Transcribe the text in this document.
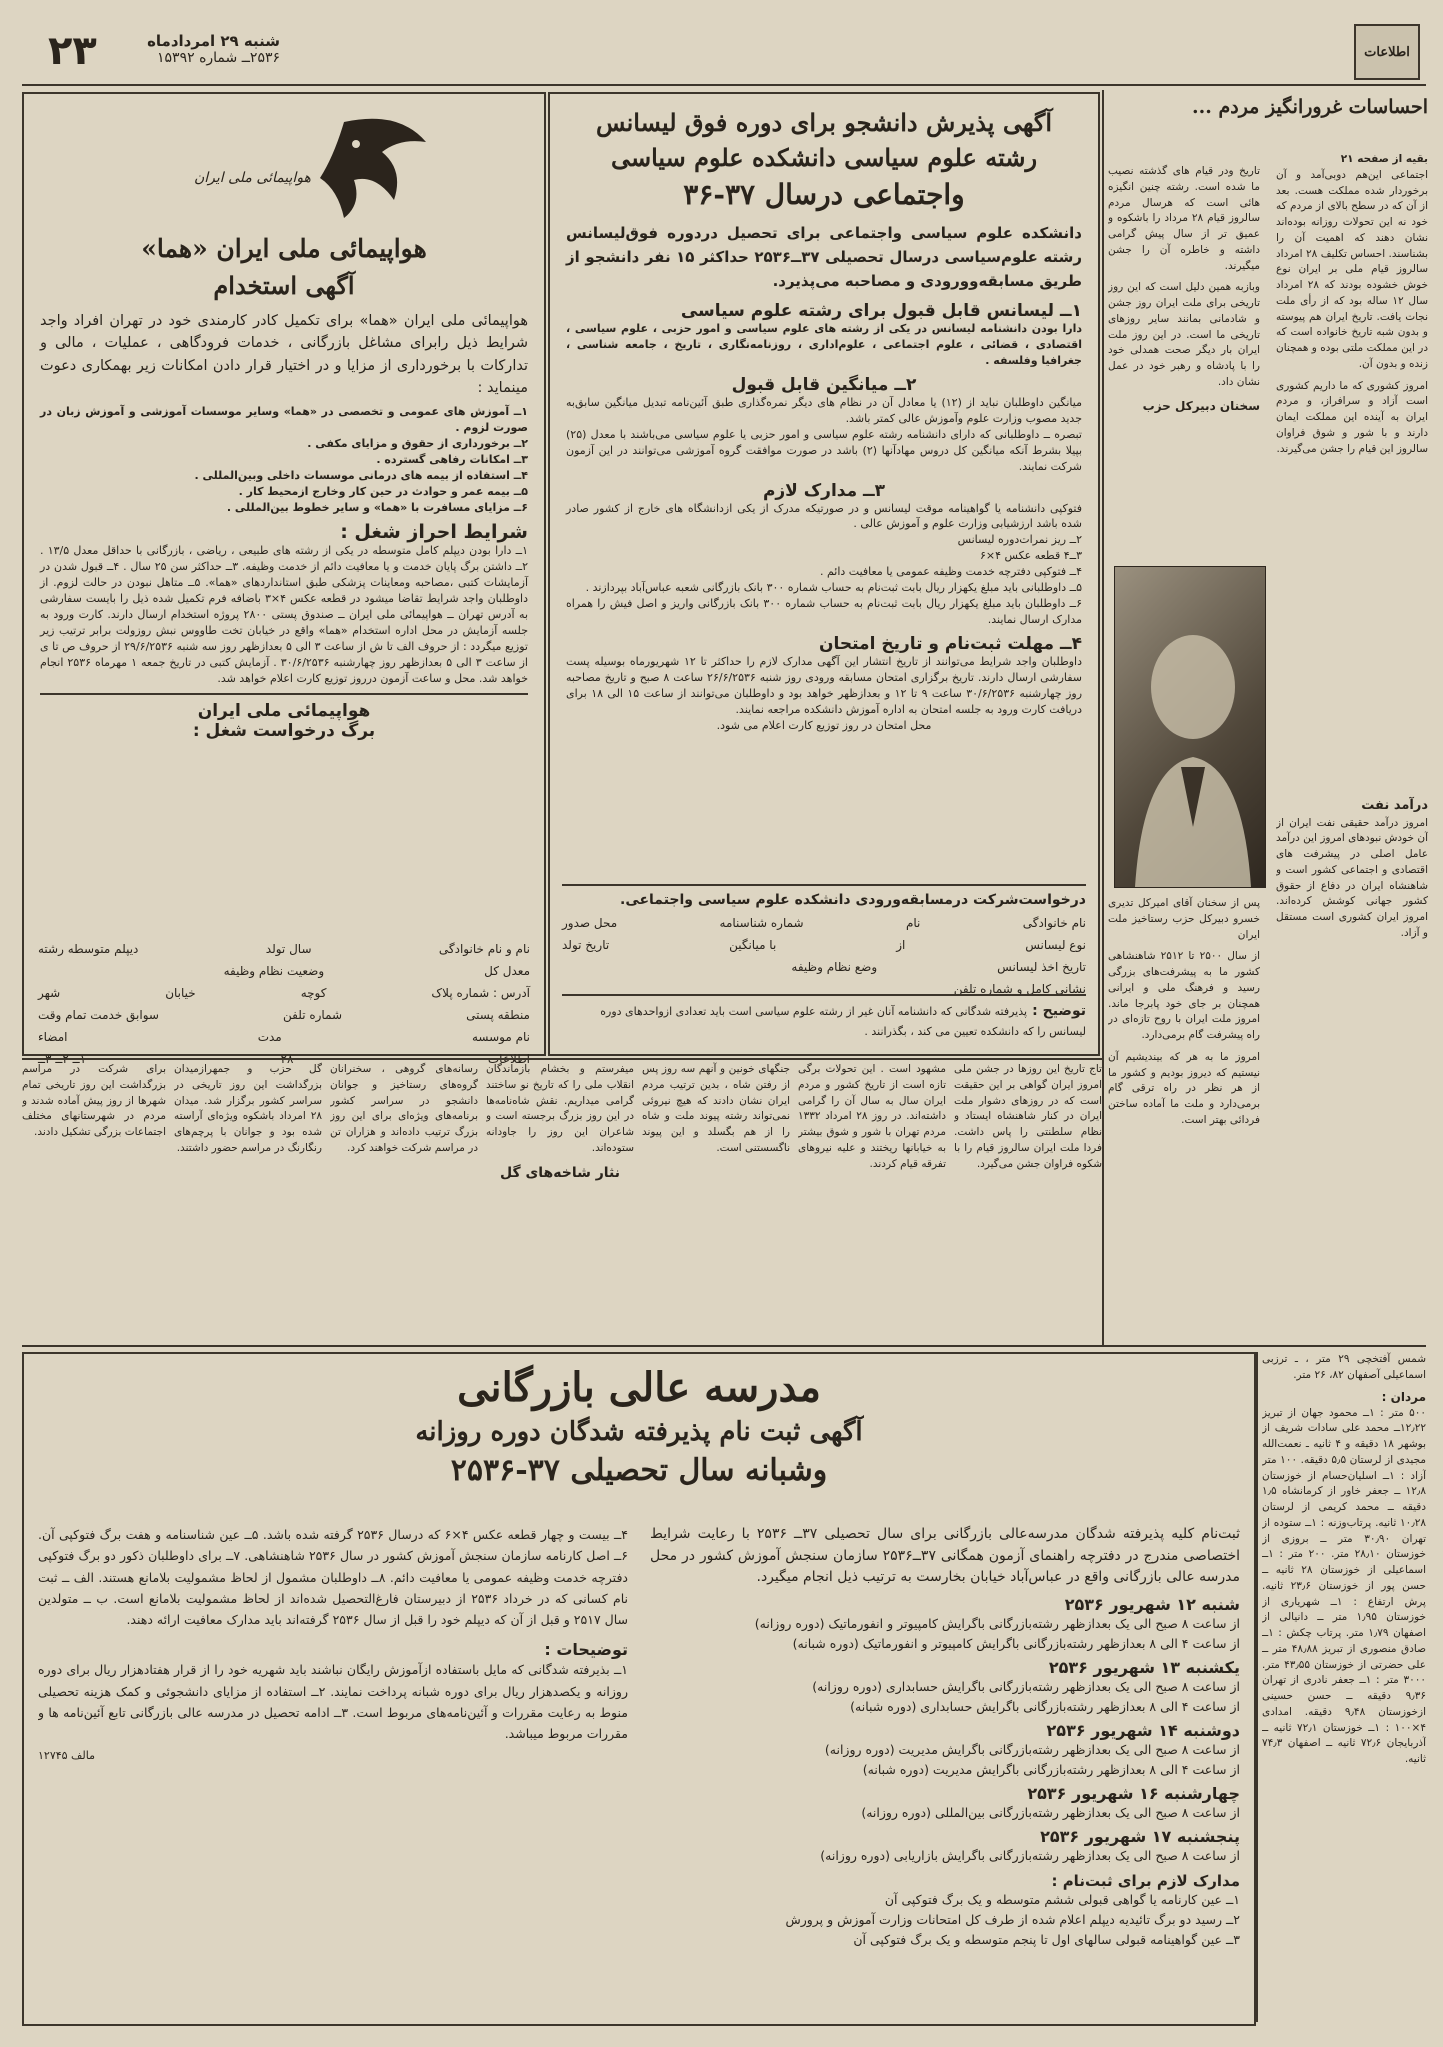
اطلاعات
۲۳	شنبه ۲۹ امردادماه
۲۵۳۶ــ شماره ۱۵۳۹۲
احساسات غرورانگیز مردم ...

بقیه از صفحه ۲۱

اجتماعی این‌هم دوبی‌آمد و آن برخوردار شده مملکت هست. بعد از آن که در سطح بالای از مردم که خود نه این تحولات روزانه بوده‌اند نشان دهند که اهمیت آن را بشناسند. احساس تکلیف ۲۸ امرداد سالروز قیام ملی بر ایران نوع خوش خشوده بودند که ۲۸ امرداد سال ۱۲ ساله بود که از رأی ملت نجات یافت. تاریخ ایران هم پیوسته و بدون شبه تاریخ خانواده است که در این مملکت ملتی بوده و همچنان زنده و بدون آن.

امروز کشوری که ما داریم کشوری است آزاد و سرافراز، و مردم ایران به آینده این مملکت ایمان دارند و با شور و شوق فراوان سالروز این قیام را جشن می‌گیرند.

تاریخ ودر قیام های گذشته نصیب ما شده است. رشته چنین انگیزه هائی است که هرسال مردم سالروز قیام ۲۸ مرداد را باشکوه و عمیق تر از سال پیش گرامی داشته و خاطره آن را جشن میگیرند.

وبازبه همین دلیل است که این روز تاریخی برای ملت ایران روز جشن و شادمانی بمانند سایر روزهای تاریخی ما است. در این روز ملت ایران بار دیگر صحت همدلی خود را با پادشاه و رهبر خود در عمل نشان داد.

سخنان دبیرکل حزب

پس از سخنان آقای امیرکل تدیری خسرو دبیرکل حزب رستاخیز ملت ایران

از سال ۲۵۰۰ تا ۲۵۱۲ شاهنشاهی کشور ما به پیشرفت‌های بزرگی رسید و فرهنگ ملی و ایرانی همچنان بر جای خود پابرجا ماند. امروز ملت ایران با روح تازه‌ای در راه پیشرفت گام برمی‌دارد.

امروز ما به هر که بیندیشیم آن نیستیم که دیروز بودیم و کشور ما از هر نظر در راه ترقی گام برمی‌دارد و ملت ما آماده ساختن فردائی بهتر است.

درآمد نفت

امروز درآمد حقیقی نفت ایران از آن خودش نبودهای امروز این درآمد عامل اصلی در پیشرفت های اقتصادی و اجتماعی کشور است و شاهنشاه ایران در دفاع از حقوق کشور جهانی کوشش کرده‌اند. امروز ایران کشوری است مستقل و آزاد.

آگهی پذیرش دانشجو برای دوره فوق لیسانس
رشته علوم سیاسی دانشکده علوم سیاسی
واجتماعی درسال ۳۷-۳۶

دانشکده علوم سیاسی واجتماعی برای تحصیل دردوره فوق‌لیسانس رشته علوم‌سیاسی درسال تحصیلی ۳۷ــ۲۵۳۶ حداکثر ۱۵ نفر دانشجو از طریق مسابقه‌وورودی و مصاحبه می‌پذیرد.

۱ــ لیسانس قابل قبول برای رشته علوم سیاسی

دارا بودن دانشنامه لیسانس در یکی از رشته های علوم سیاسی و امور حزبی ، علوم سیاسی ، اقتصادی ، قضائی ، علوم اجتماعی ، علوم‌اداری ، روزنامه‌نگاری ، تاریخ ، جامعه شناسی ، جغرافیا وفلسفه .

۲ــ میانگین قابل قبول

میانگین داوطلبان نباید از (۱۲) یا معادل آن در نظام های دیگر نمره‌گذاری طبق آئین‌نامه تبدیل میانگین سابق‌به جدید مصوب وزارت علوم وآموزش عالی کمتر باشد.

تبصره ــ داوطلبانی که دارای دانشنامه رشته علوم سیاسی و امور حزبی یا علوم سیاسی می‌باشند با معدل (۲۵) بپیلا بشرط آنکه میانگین کل دروس مهادآنها (۲) باشد در صورت موافقت گروه آموزشی می‌توانند در این آزمون شرکت نمایند.

۳ــ مدارک لازم

فتوکپی دانشنامه یا گواهینامه موقت لیسانس و در صورتیکه مدرک از یکی ازدانشگاه های خارج از کشور صادر شده باشد ارزشیابی وزارت علوم و آموزش عالی .

۲ــ ریز نمرات‌دوره لیسانس

۳ــ۴ قطعه عکس ۴×۶

۴ــ فتوکپی دفترچه خدمت وظیفه عمومی یا معافیت دائم .

۵ــ داوطلبانی باید مبلغ یکهزار ریال بابت ثبت‌نام به حساب شماره ۳۰۰ بانک بازرگانی شعبه عباس‌آباد بپردازند .

۶ــ داوطلبان باید مبلغ یکهزار ریال بابت ثبت‌نام به حساب شماره ۳۰۰ بانک بازرگانی واریز و اصل فیش را همراه مدارک ارسال نمایند.

۴ــ مهلت ثبت‌نام و تاریخ امتحان

داوطلبان واجد شرایط می‌توانند از تاریخ انتشار این آگهی مدارک لازم را حداکثر تا ۱۲ شهریورماه بوسیله پست سفارشی ارسال دارند. تاریخ برگزاری امتحان مسابقه ورودی روز شنبه ۲۶/۶/۲۵۳۶ ساعت ۸ صبح و تاریخ مصاحبه روز چهارشنبه ۳۰/۶/۲۵۳۶ ساعت ۹ تا ۱۲ و بعدازظهر خواهد بود و داوطلبان می‌توانند از ساعت ۱۵ الی ۱۸ برای دریافت کارت ورود به جلسه امتحان به اداره آموزش دانشکده مراجعه نمایند.

محل امتحان در روز توزیع کارت اعلام می شود.

درخواست‌شرکت درمسابقه‌ورودی دانشکده علوم سیاسی واجتماعی.

نام خانوادگی
نام
شماره شناسنامه
محل صدور
نوع لیسانس
از
با میانگین
تاریخ تولد
تاریخ اخذ لیسانس
وضع نظام وظیفه
نشانی کامل و شماره تلفن
توضیح : پذیرفته شدگانی که دانشنامه آنان غیر از رشته علوم سیاسی است باید تعدادی ازواحدهای دوره لیسانس را که دانشکده تعیین می کند ، بگذرانند .
هواپیمائی ملی ایران
هواپیمائی ملی ایران «هما»
آگهی استخدام

هواپیمائی ملی ایران «هما» برای تکمیل کادر کارمندی خود در تهران افراد واجد شرایط ذیل رابرای مشاغل بازرگانی ، خدمات فرودگاهی ، عملیات ، مالی و تدارکات با برخورداری از مزایا و در اختیار قرار دادن امکانات زیر بهمکاری دعوت مینماید :

۱ــ آموزش های عمومی و تخصصی در «هما» وسایر موسسات آموزشی و آموزش زبان در صورت لزوم .

۲ــ برخورداری از حقوق و مزایای مکفی .

۳ــ امکانات رفاهی گسترده .

۴ــ استفاده از بیمه های درمانی موسسات داخلی وبین‌المللی .

۵ــ بیمه عمر و حوادث در حین کار وخارج ازمحیط کار .

۶ــ مزایای مسافرت با «هما» و سایر خطوط بین‌المللی .

شرایط احراز شغل :

۱ــ دارا بودن دیپلم کامل متوسطه در یکی از رشته های طبیعی ، ریاضی ، بازرگانی با حداقل معدل ۱۳/۵ . ۲ــ داشتن برگ پایان خدمت و یا معافیت دائم از خدمت وظیفه. ۳ــ حداکثر سن ۲۵ سال . ۴ــ قبول شدن در آزمایشات کتبی ،مصاحبه ومعاینات پزشکی طبق استانداردهای «هما». ۵ــ متاهل نبودن در حالت لزوم. از داوطلبان واجد شرایط تقاضا میشود در قطعه عکس ۴×۳ باضافه فرم تکمیل شده ذیل را بایست سفارشی به آدرس تهران ــ هواپیمائی ملی ایران ــ صندوق پستی ۲۸۰۰ پروژه استخدام ارسال دارند. کارت ورود به جلسه آزمایش در محل اداره استخدام «هما» واقع در خیابان تخت طاووس نبش روزولت برابر ترتیب زیر توزیع میگردد : از حروف الف تا ش از ساعت ۳ الی ۵ بعدازظهر روز سه شنبه ۲۹/۶/۲۵۳۶ از حروف ص تا ی از ساعت ۳ الی ۵ بعدازظهر روز چهارشنبه ۳۰/۶/۲۵۳۶ . آزمایش کتبی در تاریخ جمعه ۱ مهرماه ۲۵۳۶ انجام خواهد شد. محل و ساعت آزمون درروز توزیع کارت اعلام خواهد شد.

هواپیمائی ملی ایران

برگ درخواست شغل :

نام و نام خانوادگی
سال تولد
دیپلم متوسطه رشته
معدل کل
وضعیت نظام وظیفه
آدرس : شماره پلاک
کوچه
خیابان
شهر
منطقه پستی
شماره تلفن
سوابق خدمت تمام وقت
نام موسسه
مدت
امضاء
تاج تاریخ این روزها در جشن ملی امروز ایران گواهی بر این حقیقت است که در روزهای دشوار ملت ایران در کنار شاهنشاه ایستاد و نظام سلطنتی را پاس داشت. فردا ملت ایران سالروز قیام را با شکوه فراوان جشن می‌گیرد.
مشهود است . این تحولات برگی تازه است از تاریخ کشور و مردم ایران سال به سال آن را گرامی داشته‌اند. در روز ۲۸ امرداد ۱۳۳۲ مردم تهران با شور و شوق بیشتر به خیابانها ریختند و علیه نیروهای تفرقه قیام کردند.
جنگهای خونین و آنهم سه روز پس از رفتن شاه ، بدین ترتیب مردم ایران نشان دادند که هیچ نیروئی نمی‌تواند رشته پیوند ملت و شاه را از هم بگسلد و این پیوند ناگسستنی است.
میفرستم و بخشام بازماندگان انقلاب ملی را که تاریخ نو ساختند گرامی میداریم. نقش شاه‌نامه‌ها در این روز بزرگ برجسته است و شاعران این روز را جاودانه ستوده‌اند.
نثار شاخه‌های گل
رسانه‌های گروهی ، سخنرانان گروه‌های رستاخیز و جوانان دانشجو در سراسر کشور برنامه‌های ویژه‌ای برای این روز بزرگ ترتیب داده‌اند و هزاران تن در مراسم شرکت خواهند کرد.
گل حزب و جمهرازمیدان بزرگداشت این روز تاریخی در سراسر کشور برگزار شد. میدان ۲۸ امرداد باشکوه ویژه‌ای آراسته شده بود و جوانان با پرچم‌های رنگارنگ در مراسم حضور داشتند.
برای شرکت در مراسم بزرگداشت این روز تاریخی تمام شهرها از روز پیش آماده شدند و مردم در شهرستانهای مختلف اجتماعات بزرگی تشکیل دادند.
مدرسه عالی بازرگانی
آگهی ثبت نام پذیرفته شدگان دوره روزانه
وشبانه سال تحصیلی ۳۷-۲۵۳۶

ثبت‌نام کلیه پذیرفته شدگان مدرسه‌عالی بازرگانی برای سال تحصیلی ۳۷ــ ۲۵۳۶ با رعایت شرایط اختصاصی مندرج در دفترچه راهنمای آزمون همگانی ۳۷ــ۲۵۳۶ سازمان سنجش آموزش کشور در محل مدرسه عالی بازرگانی واقع در عباس‌آباد خیابان بخارست به ترتیب ذیل انجام میگیرد.

شنبه ۱۲ شهریور ۲۵۳۶

از ساعت ۸ صبح الی یک بعدازظهر رشته‌بازرگانی باگرایش کامپیوتر و انفورماتیک (دوره روزانه)

از ساعت ۴ الی ۸ بعدازظهر رشته‌بازرگانی باگرایش کامپیوتر و انفورماتیک (دوره شبانه)

یکشنبه ۱۳ شهریور ۲۵۳۶

از ساعت ۸ صبح الی یک بعدازظهر رشته‌بازرگانی باگرایش حسابداری (دوره روزانه)

از ساعت ۴ الی ۸ بعدازظهر رشته‌بازرگانی باگرایش حسابداری (دوره شبانه)

دوشنبه ۱۴ شهریور ۲۵۳۶

از ساعت ۸ صبح الی یک بعدازظهر رشته‌بازرگانی باگرایش مدیریت (دوره روزانه)

از ساعت ۴ الی ۸ بعدازظهر رشته‌بازرگانی باگرایش مدیریت (دوره شبانه)

چهارشنبه ۱۶ شهریور ۲۵۳۶

از ساعت ۸ صبح الی یک بعدازظهر رشته‌بازرگانی بین‌المللی (دوره روزانه)

پنجشنبه ۱۷ شهریور ۲۵۳۶

از ساعت ۸ صبح الی یک بعدازظهر رشته‌بازرگانی باگرایش بازاریابی (دوره روزانه)

مدارک لازم برای ثبت‌نام :

۱ــ عین کارنامه یا گواهی قبولی ششم متوسطه و یک برگ فتوکپی آن

۲ــ رسید دو برگ تائیدیه دیپلم اعلام شده از طرف کل امتحانات وزارت آموزش و پرورش

۳ــ عین گواهینامه قبولی سالهای اول تا پنجم متوسطه و یک برگ فتوکپی آن

۴ــ بیست و چهار قطعه عکس ۴×۶ که درسال ۲۵۳۶ گرفته شده باشد. ۵ــ عین شناسنامه و هفت برگ فتوکپی آن. ۶ــ اصل کارنامه سازمان سنجش آموزش کشور در سال ۲۵۳۶ شاهنشاهی. ۷ــ برای داوطلبان ذکور دو برگ فتوکپی دفترچه خدمت وظیفه عمومی یا معافیت دائم. ۸ــ داوطلبان مشمول از لحاظ مشمولیت بلامانع هستند. الف ــ ثبت نام کسانی که در خرداد ۲۵۳۶ از دبیرستان فارغ‌التحصیل شده‌اند از لحاظ مشمولیت بلامانع است. ب ــ متولدین سال ۲۵۱۷ و قبل از آن که دیپلم خود را قبل از سال ۲۵۳۶ گرفته‌اند باید مدارک معافیت ارائه دهند.

توضیحات :

۱ــ بذیرفته شدگانی که مایل باستفاده ازآموزش رایگان نباشند باید شهریه خود را از قرار هفتادهزار ریال برای دوره روزانه و یکصدهزار ریال برای دوره شبانه پرداخت نمایند. ۲ــ استفاده از مزایای دانشجوئی و کمک هزینه تحصیلی منوط به رعایت مقررات و آئین‌نامه‌های مربوط است. ۳ــ ادامه تحصیل در مدرسه عالی بازرگانی تابع آئین‌نامه ها و مقررات مربوط میباشد.

مالف ۱۲۷۴۵

شمس آفتخچی ۲۹ متر ، ـ ترزبی اسماعیلی آصفهان ۸۲، ۲۶ متر.

مردان :

۵۰۰ متر : ۱ــ محمود جهان از تبریز ۱۲٫۲۲ــ محمد علی سادات شریف از بوشهر ۱۸ دقیقه و ۴ ثانیه ـ نعمت‌الله مجیدی از لرستان ۵٫۵ دقیقه. ۱۰۰ متر آزاد : ۱ــ اسلیان‌حسام از خوزستان ۱۲٫۸ ــ جعفر خاور از کرمانشاه ۱٫۵ دقیقه ــ محمد کریمی از لرستان ۱۰٫۲۸ ثانیه. پرتاب‌وزنه : ۱ــ ستوده از تهران ۳۰٫۹۰ متر ــ بروزی از خوزستان ۲۸٫۱۰ متر. ۲۰۰ متر : ۱ــ اسماعیلی از خوزستان ۲۸ ثانیه ــ حسن پور از خوزستان ۲۳٫۶ ثانیه. پرش ارتفاع : ۱ــ شهریاری از خوزستان ۱٫۹۵ متر ــ دانیالی از اصفهان ۱٫۷۹ متر. پرتاب چکش : ۱ــ صادق منصوری از تبریز ۴۸٫۸۸ متر ــ علی حضرتی از خوزستان ۴۳٫۵۵ متر. ۳۰۰۰ متر : ۱ــ جعفر نادری از تهران ۹٫۳۶ دقیقه ــ حسن حسینی ازخوزستان ۹٫۴۸ دقیقه. امدادی ۴×۱۰۰ : ۱ــ خوزستان ۷۲٫۱ ثانیه ــ آذربایجان ۷۲٫۶ ثانیه ــ اصفهان ۷۴٫۳ ثانیه.
